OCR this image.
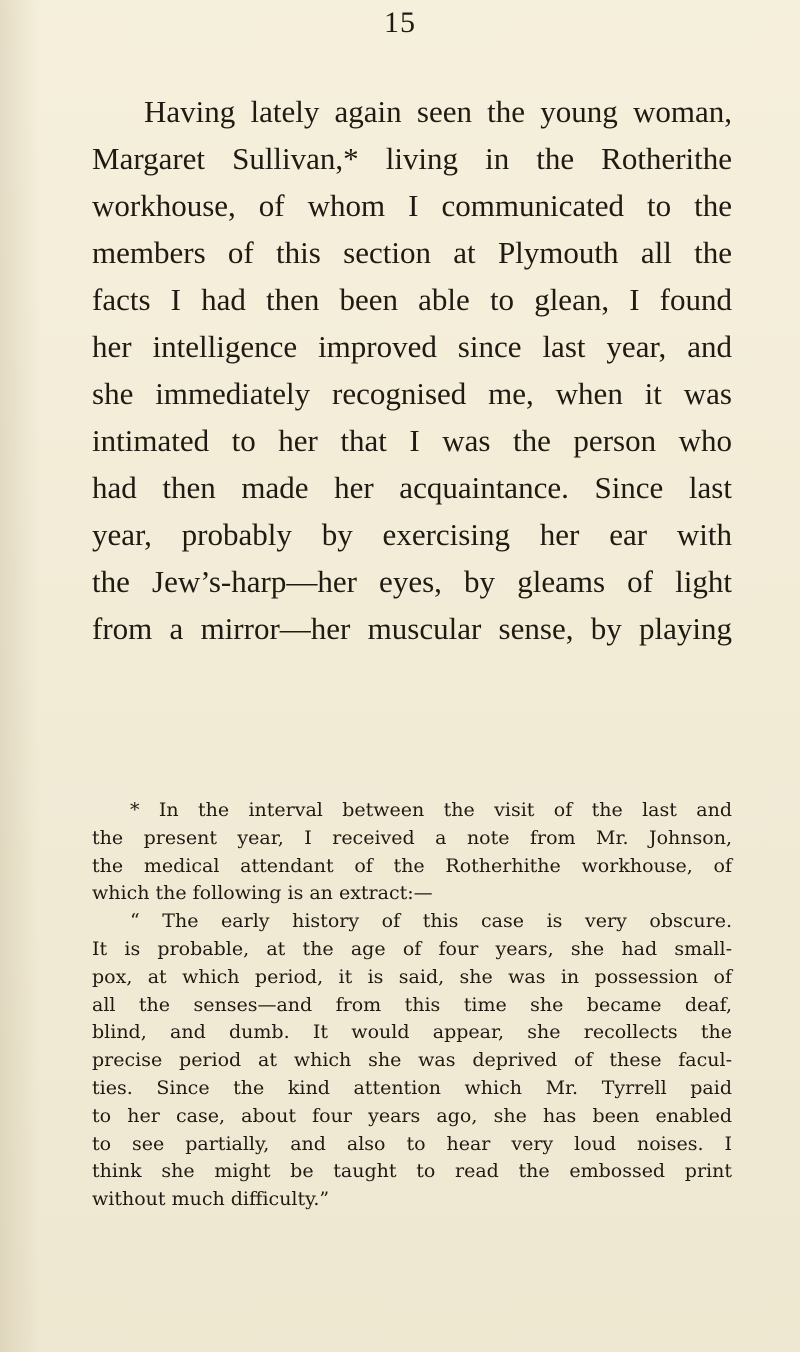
15
Having lately again seen the young woman,
Margaret Sullivan,* living in the Rotherithe
workhouse, of whom I communicated to the
members of this section at Plymouth all the
facts I had then been able to glean, I found
her intelligence improved since last year, and
she immediately recognised me, when it was
intimated to her that I was the person who
had then made her acquaintance. Since last
year, probably by exercising her ear with
the Jew’s-harp—her eyes, by gleams of light
from a mirror—her muscular sense, by playing
* In the interval between the visit of the last and
the present year, I received a note from Mr. Johnson,
the medical attendant of the Rotherhithe workhouse, of
which the following is an extract:—
“ The early history of this case is very obscure.
It is probable, at the age of four years, she had small-
pox, at which period, it is said, she was in possession of
all the senses—and from this time she became deaf,
blind, and dumb. It would appear, she recollects the
precise period at which she was deprived of these facul-
ties. Since the kind attention which Mr. Tyrrell paid
to her case, about four years ago, she has been enabled
to see partially, and also to hear very loud noises. I
think she might be taught to read the embossed print
without much difficulty.”
